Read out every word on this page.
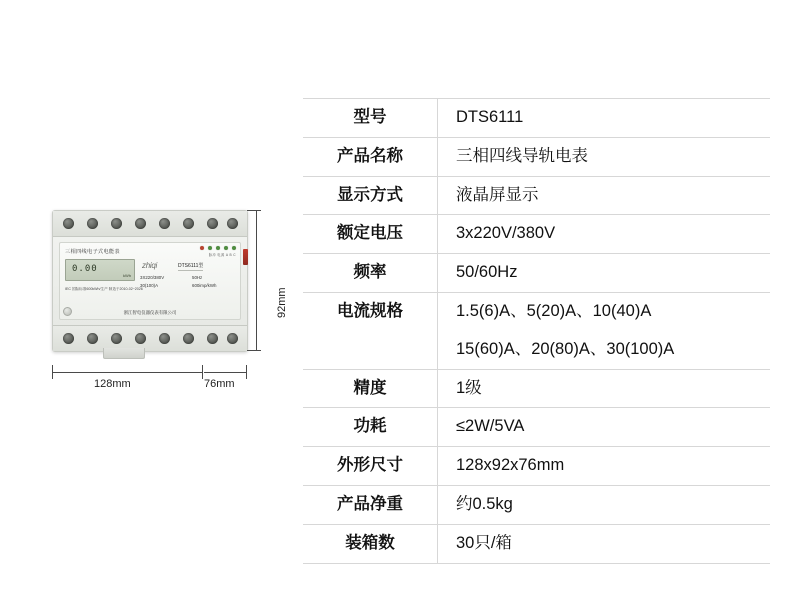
三相四线电子式电能表	脉冲 电源 A B C
0.00
kWh
zhiqi	DTS6111型
3X220/380V	50Hz
30(100)A	600imp/kWh
IEC 国际标准600kWh/生产 制造于2010-02~2026
浙江智电仪器仪表有限公司	92mm
128mm	76mm
型号	DTS6111
产品名称	三相四线导轨电表
显示方式	液晶屏显示
额定电压	3x220V/380V
频率	50/60Hz
电流规格	1.5(6)A、5(20)A、10(40)A
	15(60)A、20(80)A、30(100)A
精度	1级
功耗	≤2W/5VA
外形尺寸	128x92x76mm
产品净重	约0.5kg
装箱数	30只/箱
